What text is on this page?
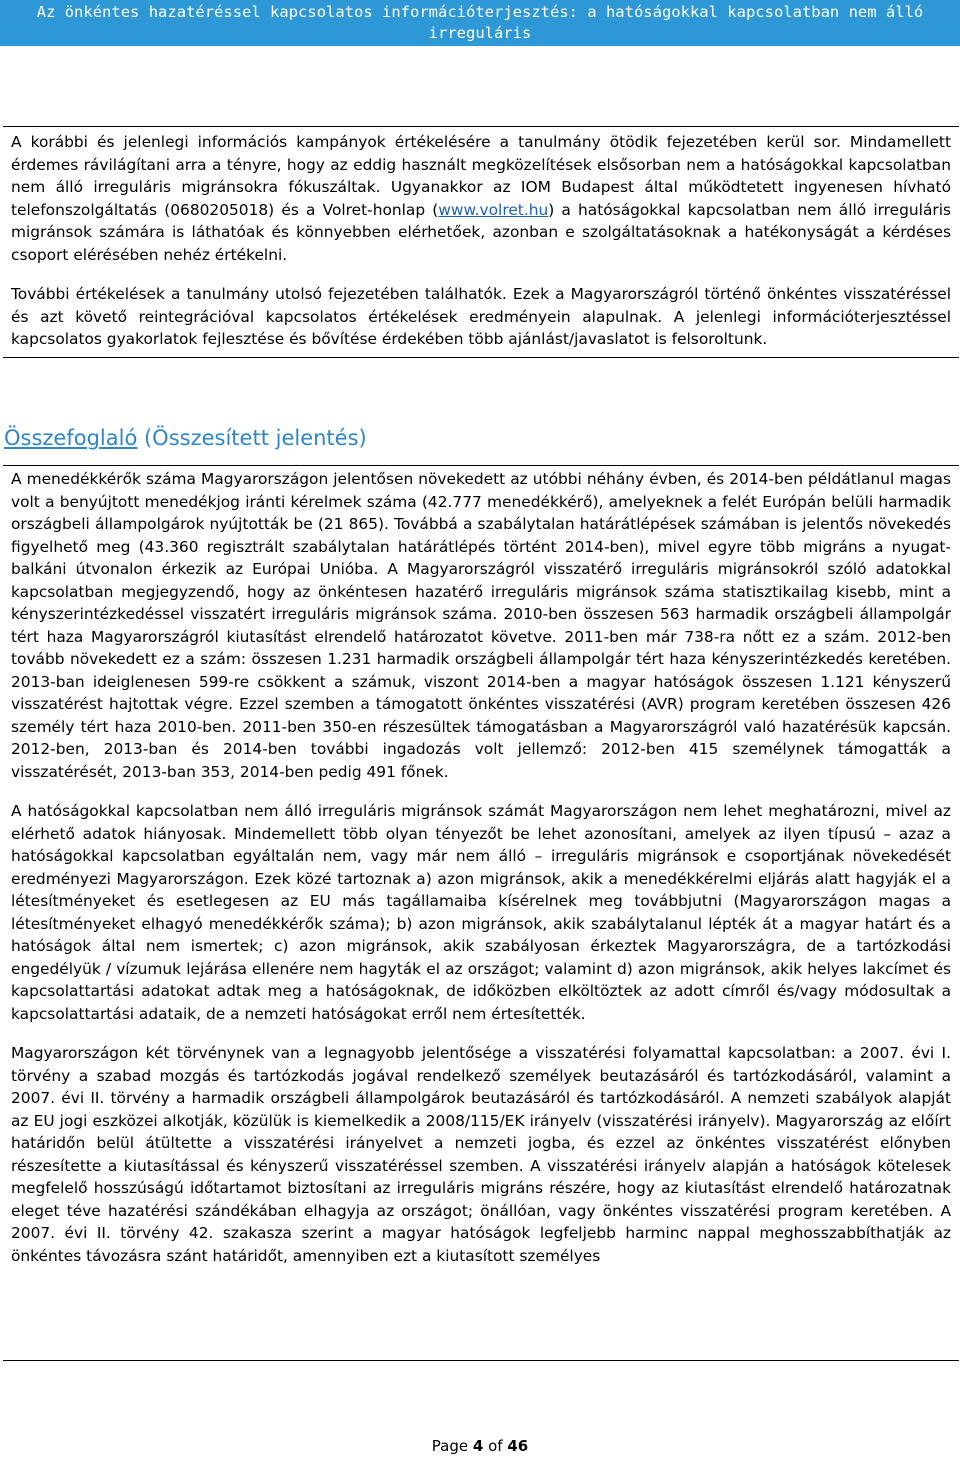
Az önkéntes hazatéréssel kapcsolatos információterjesztés: a hatóságokkal kapcsolatban nem álló irreguláris
migránsokkal való kapcsolatfelvétel lehetséges módjai

A korábbi és jelenlegi információs kampányok értékelésére a tanulmány ötödik fejezetében kerül sor. Mindamellett érdemes rávilágítani arra a tényre, hogy az eddig használt megközelítések elsősorban nem a hatóságokkal kapcsolatban nem álló irreguláris migránsokra fókuszáltak. Ugyanakkor az IOM Budapest által működtetett ingyenesen hívható telefonszolgáltatás (0680205018) és a Volret-honlap (www.volret.hu) a hatóságokkal kapcsolatban nem álló irreguláris migránsok számára is láthatóak és könnyebben elérhetőek, azonban e szolgáltatásoknak a hatékonyságát a kérdéses csoport elérésében nehéz értékelni.

További értékelések a tanulmány utolsó fejezetében találhatók. Ezek a Magyarországról történő önkéntes visszatéréssel és azt követő reintegrációval kapcsolatos értékelések eredményein alapulnak. A jelenlegi információterjesztéssel kapcsolatos gyakorlatok fejlesztése és bővítése érdekében több ajánlást/javaslatot is felsoroltunk.

Összefoglaló (Összesített jelentés)

A menedékkérők száma Magyarországon jelentősen növekedett az utóbbi néhány évben, és 2014-ben példátlanul magas volt a benyújtott menedékjog iránti kérelmek száma (42.777 menedékkérő), amelyeknek a felét Európán belüli harmadik országbeli állampolgárok nyújtották be (21 865). Továbbá a szabálytalan határátlépések számában is jelentős növekedés figyelhető meg (43.360 regisztrált szabálytalan határátlépés történt 2014-ben), mivel egyre több migráns a nyugat-balkáni útvonalon érkezik az Európai Unióba. A Magyarországról visszatérő irreguláris migránsokról szóló adatokkal kapcsolatban megjegyzendő, hogy az önkéntesen hazatérő irreguláris migránsok száma statisztikailag kisebb, mint a kényszerintézkedéssel visszatért irreguláris migránsok száma. 2010-ben összesen 563 harmadik országbeli állampolgár tért haza Magyarországról kiutasítást elrendelő határozatot követve. 2011-ben már 738-ra nőtt ez a szám. 2012-ben tovább növekedett ez a szám: összesen 1.231 harmadik országbeli állampolgár tért haza kényszerintézkedés keretében. 2013-ban ideiglenesen 599-re csökkent a számuk, viszont 2014-ben a magyar hatóságok összesen 1.121 kényszerű visszatérést hajtottak végre. Ezzel szemben a támogatott önkéntes visszatérési (AVR) program keretében összesen 426 személy tért haza 2010-ben. 2011-ben 350-en részesültek támogatásban a Magyarországról való hazatérésük kapcsán. 2012-ben, 2013-ban és 2014-ben további ingadozás volt jellemző: 2012-ben 415 személynek támogatták a visszatérését, 2013-ban 353, 2014-ben pedig 491 főnek.

A hatóságokkal kapcsolatban nem álló irreguláris migránsok számát Magyarországon nem lehet meghatározni, mivel az elérhető adatok hiányosak. Mindemellett több olyan tényezőt be lehet azonosítani, amelyek az ilyen típusú – azaz a hatóságokkal kapcsolatban egyáltalán nem, vagy már nem álló – irreguláris migránsok e csoportjának növekedését eredményezi Magyarországon. Ezek közé tartoznak a) azon migránsok, akik a menedékkérelmi eljárás alatt hagyják el a létesítményeket és esetlegesen az EU más tagállamaiba kísérelnek meg továbbjutni (Magyarországon magas a létesítményeket elhagyó menedékkérők száma); b) azon migránsok, akik szabálytalanul lépték át a magyar határt és a hatóságok által nem ismertek; c) azon migránsok, akik szabályosan érkeztek Magyarországra, de a tartózkodási engedélyük / vízumuk lejárása ellenére nem hagyták el az országot; valamint d) azon migránsok, akik helyes lakcímet és kapcsolattartási adatokat adtak meg a hatóságoknak, de időközben elköltöztek az adott címről és/vagy módosultak a kapcsolattartási adataik, de a nemzeti hatóságokat erről nem értesítették.

Magyarországon két törvénynek van a legnagyobb jelentősége a visszatérési folyamattal kapcsolatban: a 2007. évi I. törvény a szabad mozgás és tartózkodás jogával rendelkező személyek beutazásáról és tartózkodásáról, valamint a 2007. évi II. törvény a harmadik országbeli állampolgárok beutazásáról és tartózkodásáról. A nemzeti szabályok alapját az EU jogi eszközei alkotják, közülük is kiemelkedik a 2008/115/EK irányelv (visszatérési irányelv). Magyarország az előírt határidőn belül átültette a visszatérési irányelvet a nemzeti jogba, és ezzel az önkéntes visszatérést előnyben részesítette a kiutasítással és kényszerű visszatéréssel szemben. A visszatérési irányelv alapján a hatóságok kötelesek megfelelő hosszúságú időtartamot biztosítani az irreguláris migráns részére, hogy az kiutasítást elrendelő határozatnak eleget téve hazatérési szándékában elhagyja az országot; önállóan, vagy önkéntes visszatérési program keretében. A 2007. évi II. törvény 42. szakasza szerint a magyar hatóságok legfeljebb harminc nappal meghosszabbíthatják az önkéntes távozásra szánt határidőt, amennyiben ezt a kiutasított személyes

Page 4 of 46
